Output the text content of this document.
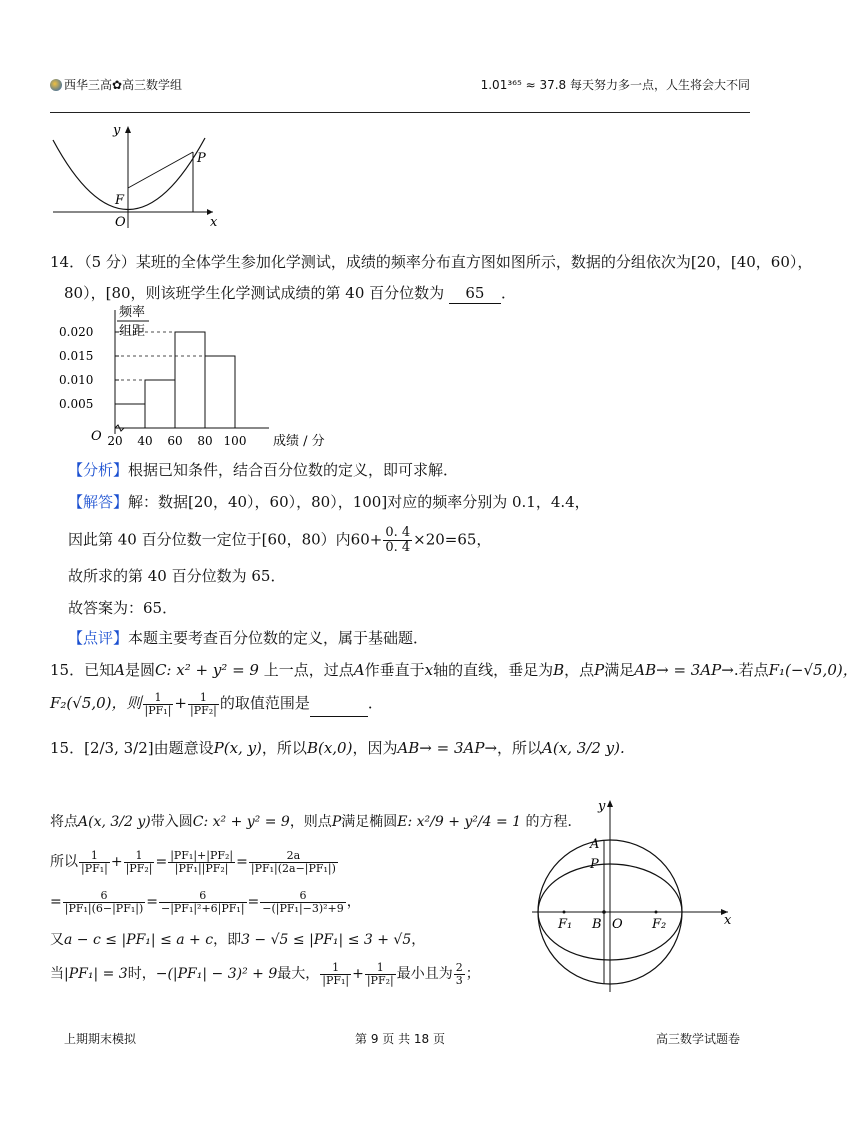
西华三高✿高三数学组	1.01³⁶⁵ ≈ 37.8 每天努力多一点，人生将会大不同
y
x
O
F
P
14．（5 分）某班的全体学生参加化学测试，成绩的频率分布直方图如图所示，数据的分组依次为[20，[40，60），
80），[80，则该班学生化学测试成绩的第 40 百分位数为 65 ．
0.005
0.010
0.015
0.020
20 40 60 80 100
O	成绩 / 分
频率
组距
【分析】根据已知条件，结合百分位数的定义，即可求解．
【解答】解：数据[20，40），60），80），100]对应的频率分别为 0.1，4.4，
因此第 40 百分位数一定位于[60，80）内$60+ \frac{0. 4}{0. 4} \times 20=65$，
故所求的第 40 百分位数为 65．
故答案为：65．
【点评】本题主要考查百分位数的定义，属于基础题．
15．已知A是圆C: x² + y² = 9 上一点，过点A作垂直于x轴的直线，垂足为B，点P满足AB→ = 3AP→.若点F₁(−√5,0)，
F₂(√5,0)，则 $\frac{1}{\text{|PF₁|}} + \frac{1}{\text{|PF₂|}}$ 的取值范围是	．
15．[2/3, 3/2]由题意设P(x, y)，所以B(x,0)，因为AB→ = 3AP→，所以A(x, 3/2 y).
将点A(x, 3/2 y)带入圆C: x² + y² = 9，则点P满足椭圆E: x²/9 + y²/4 = 1 的方程．
所以 $\frac{1}{\text{|PF₁|}} + \frac{1}{\text{|PF₂|}} = \frac{\text{|PF₁|+|PF₂|}}{\text{|PF₁||PF₂|}} = \frac{2a}{\text{|PF₁|(2a−|PF₁|)}}$
= $\frac{6}{\text{|PF₁|(6−|PF₁|)}} = \frac{6}{\text{−|PF₁|²+6|PF₁|}} = \frac{6}{\text{−(|PF₁|−3)²+9}}$ ，
又a − c ≤ |PF₁| ≤ a + c，即3 − √5 ≤ |PF₁| ≤ 3 + √5，
当|PF₁| = 3时，−(|PF₁| − 3)² + 9最大， $\frac{1}{\text{|PF₁|}} + \frac{1}{\text{|PF₂|}}$ 最小且为 $\frac{2}{3}$ ；
y
x
A
P
O
B
F₁	F₂
上期期末模拟	第 9 页 共 18 页	高三数学试题卷
